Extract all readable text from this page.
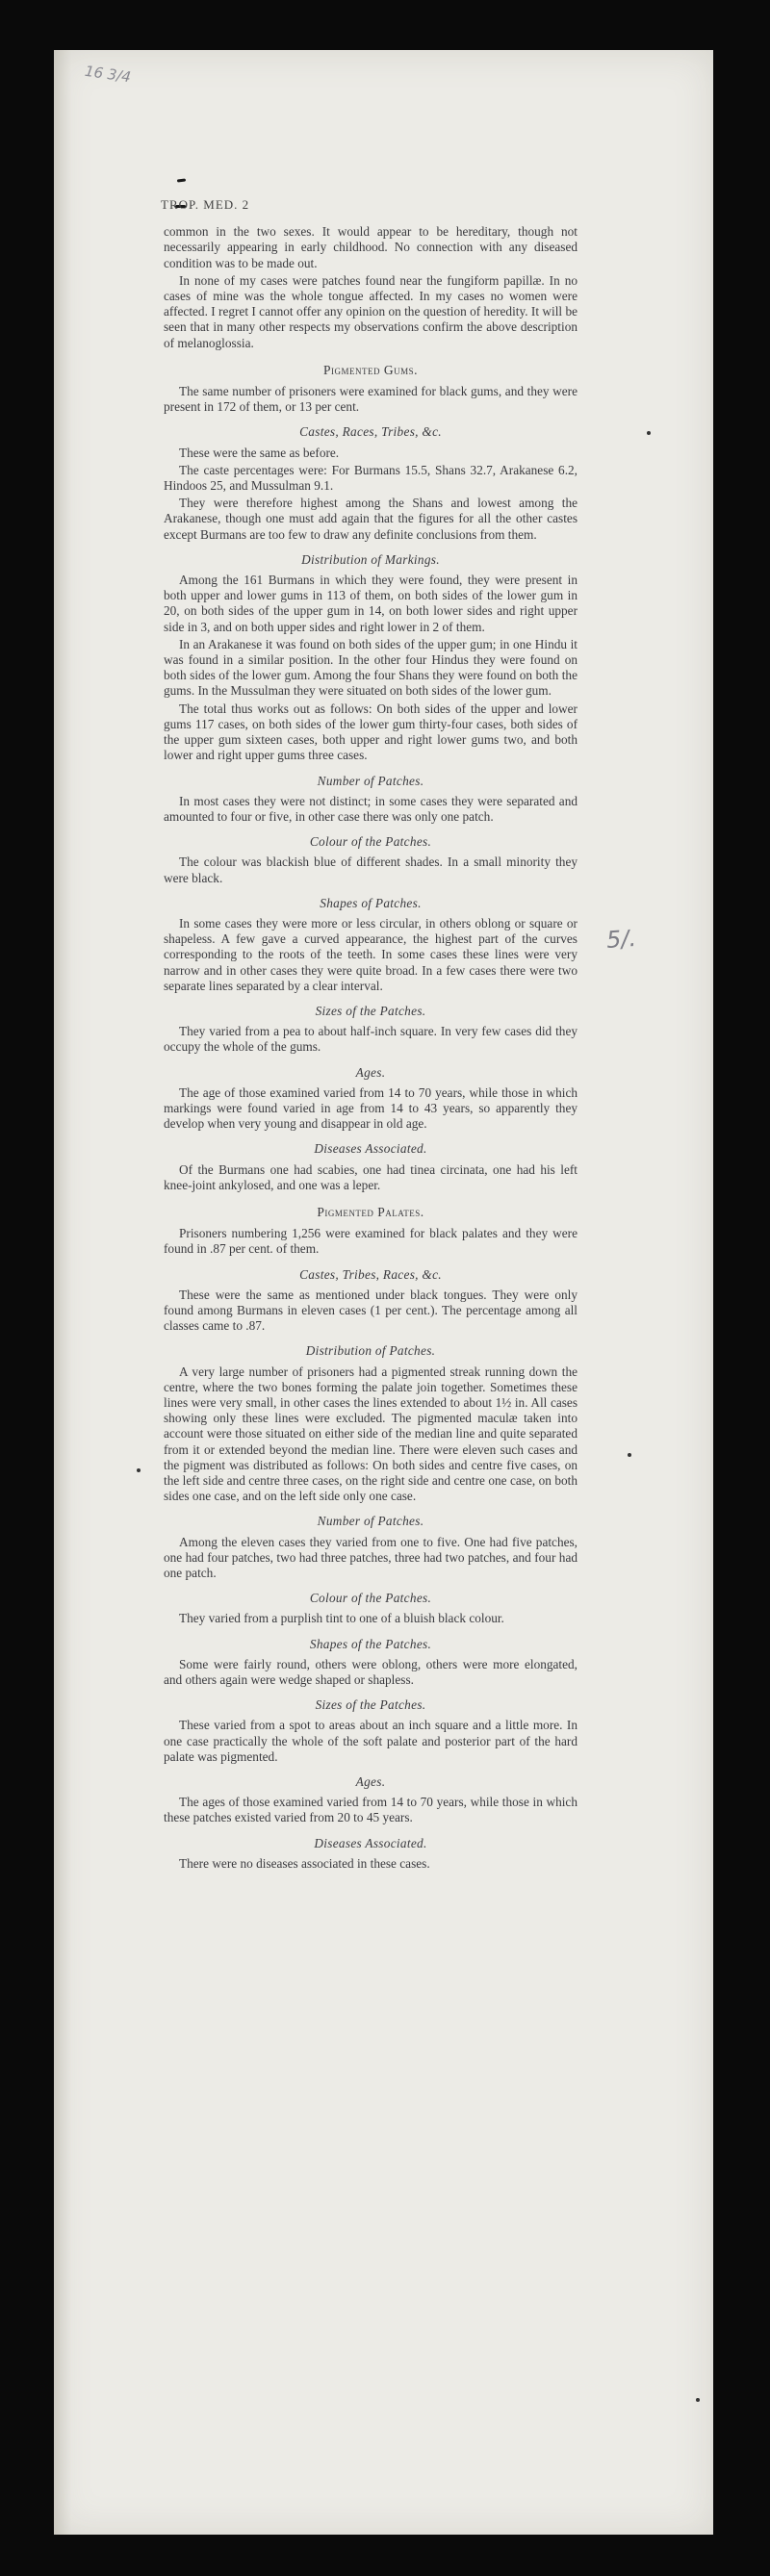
16 3/4
5/.
TROP. MED. 2

common in the two sexes. It would appear to be hereditary, though not necessarily appearing in early childhood. No connection with any diseased condition was to be made out.

In none of my cases were patches found near the fungiform papillæ. In no cases of mine was the whole tongue affected. In my cases no women were affected. I regret I cannot offer any opinion on the question of heredity. It will be seen that in many other respects my observations confirm the above description of melanoglossia.

Pigmented Gums.

The same number of prisoners were examined for black gums, and they were present in 172 of them, or 13 per cent.

Castes, Races, Tribes, &c.

These were the same as before.

The caste percentages were: For Burmans 15.5, Shans 32.7, Arakanese 6.2, Hindoos 25, and Mussulman 9.1.

They were therefore highest among the Shans and lowest among the Arakanese, though one must add again that the figures for all the other castes except Burmans are too few to draw any definite conclusions from them.

Distribution of Markings.

Among the 161 Burmans in which they were found, they were present in both upper and lower gums in 113 of them, on both sides of the lower gum in 20, on both sides of the upper gum in 14, on both lower sides and right upper side in 3, and on both upper sides and right lower in 2 of them.

In an Arakanese it was found on both sides of the upper gum; in one Hindu it was found in a similar position. In the other four Hindus they were found on both sides of the lower gum. Among the four Shans they were found on both the gums. In the Mussulman they were situated on both sides of the lower gum.

The total thus works out as follows: On both sides of the upper and lower gums 117 cases, on both sides of the lower gum thirty-four cases, both sides of the upper gum sixteen cases, both upper and right lower gums two, and both lower and right upper gums three cases.

Number of Patches.

In most cases they were not distinct; in some cases they were separated and amounted to four or five, in other case there was only one patch.

Colour of the Patches.

The colour was blackish blue of different shades. In a small minority they were black.

Shapes of Patches.

In some cases they were more or less circular, in others oblong or square or shapeless. A few gave a curved appearance, the highest part of the curves corresponding to the roots of the teeth. In some cases these lines were very narrow and in other cases they were quite broad. In a few cases there were two separate lines separated by a clear interval.

Sizes of the Patches.

They varied from a pea to about half-inch square. In very few cases did they occupy the whole of the gums.

Ages.

The age of those examined varied from 14 to 70 years, while those in which markings were found varied in age from 14 to 43 years, so apparently they develop when very young and disappear in old age.

Diseases Associated.

Of the Burmans one had scabies, one had tinea circinata, one had his left knee-joint ankylosed, and one was a leper.

Pigmented Palates.

Prisoners numbering 1,256 were examined for black palates and they were found in .87 per cent. of them.

Castes, Tribes, Races, &c.

These were the same as mentioned under black tongues. They were only found among Burmans in eleven cases (1 per cent.). The percentage among all classes came to .87.

Distribution of Patches.

A very large number of prisoners had a pigmented streak running down the centre, where the two bones forming the palate join together. Sometimes these lines were very small, in other cases the lines extended to about 1½ in. All cases showing only these lines were excluded. The pigmented maculæ taken into account were those situated on either side of the median line and quite separated from it or extended beyond the median line. There were eleven such cases and the pigment was distributed as follows: On both sides and centre five cases, on the left side and centre three cases, on the right side and centre one case, on both sides one case, and on the left side only one case.

Number of Patches.

Among the eleven cases they varied from one to five. One had five patches, one had four patches, two had three patches, three had two patches, and four had one patch.

Colour of the Patches.

They varied from a purplish tint to one of a bluish black colour.

Shapes of the Patches.

Some were fairly round, others were oblong, others were more elongated, and others again were wedge shaped or shapless.

Sizes of the Patches.

These varied from a spot to areas about an inch square and a little more. In one case practically the whole of the soft palate and posterior part of the hard palate was pigmented.

Ages.

The ages of those examined varied from 14 to 70 years, while those in which these patches existed varied from 20 to 45 years.

Diseases Associated.

There were no diseases associated in these cases.
